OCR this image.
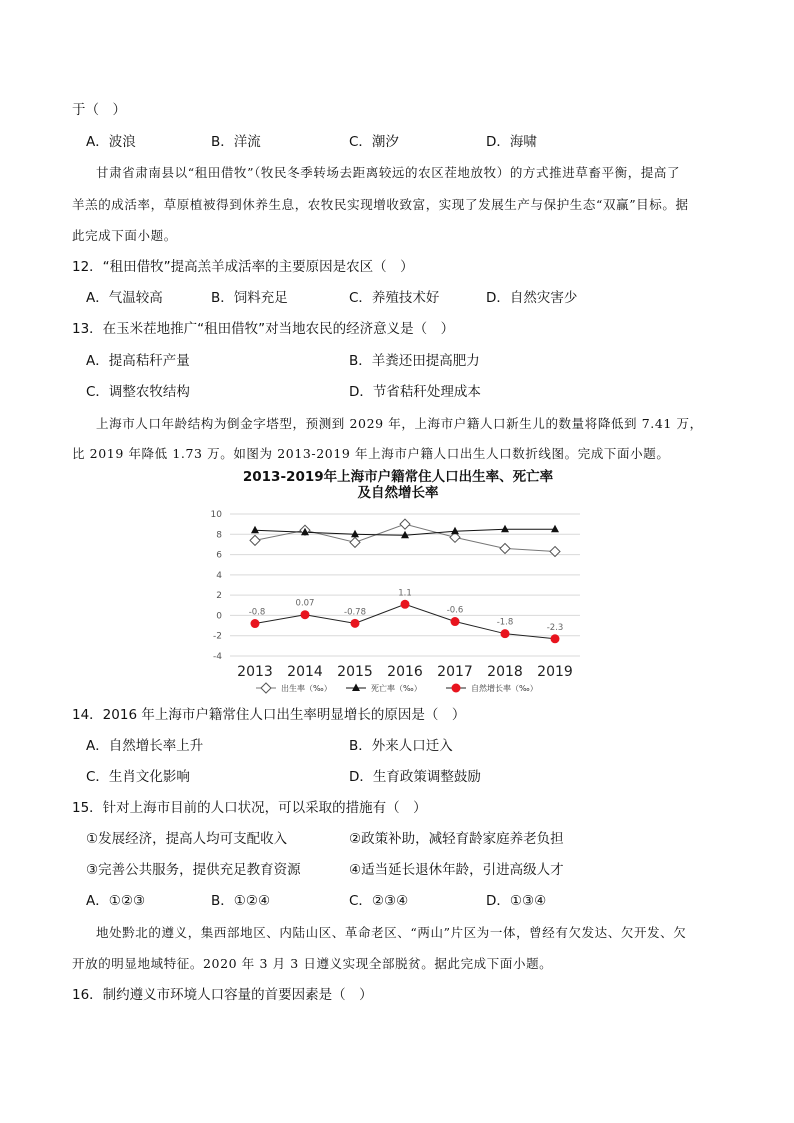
于（　）
A．波浪	B．洋流	C．潮汐	D．海啸
甘肃省肃南县以“租田借牧”（牧民冬季转场去距离较远的农区茬地放牧）的方式推进草畜平衡，提高了
羊羔的成活率，草原植被得到休养生息，农牧民实现增收致富，实现了发展生产与保护生态“双赢”目标。据
此完成下面小题。
12．“租田借牧”提高羔羊成活率的主要原因是农区（　）
A．气温较高	B．饲料充足	C．养殖技术好	D．自然灾害少
13．在玉米茬地推广“租田借牧”对当地农民的经济意义是（　）
A．提高秸秆产量	B．羊粪还田提高肥力
C．调整农牧结构	D．节省秸秆处理成本
上海市人口年龄结构为倒金字塔型，预测到 2029 年，上海市户籍人口新生儿的数量将降低到 7.41 万，
比 2019 年降低 1.73 万。如图为 2013-2019 年上海市户籍人口出生人口数折线图。完成下面小题。
2013-2019年上海市户籍常住人口出生率、死亡率
及自然增长率
10
8
6
4
2
0
-2
-4
2013 2014 2015 2016 2017 2018 2019
-0.8
0.07
-0.78
1.1
-0.6
-1.8
-2.3
出生率（‰）	死亡率（‰）	自然增长率（‰）
14．2016 年上海市户籍常住人口出生率明显增长的原因是（　）
A．自然增长率上升	B．外来人口迁入
C．生肖文化影响	D．生育政策调整鼓励
15．针对上海市目前的人口状况，可以采取的措施有（　）
①发展经济，提高人均可支配收入	②政策补助，减轻育龄家庭养老负担
③完善公共服务，提供充足教育资源	④适当延长退休年龄，引进高级人才
A．①②③	B．①②④	C．②③④	D．①③④
地处黔北的遵义，集西部地区、内陆山区、革命老区、“两山”片区为一体，曾经有欠发达、欠开发、欠
开放的明显地域特征。2020 年 3 月 3 日遵义实现全部脱贫。据此完成下面小题。
16．制约遵义市环境人口容量的首要因素是（　）
